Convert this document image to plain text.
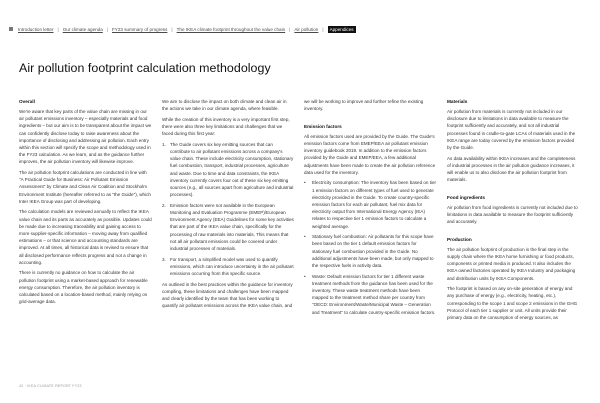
Introduction letter | Our climate agenda | FY23 summary of progress | The IKEA climate footprint throughout the value chain | Air pollution |	Appendices
Air pollution footprint calculation methodology
Overall

We're aware that key parts of the value chain are missing in our air pollutant emissions inventory – especially materials and food ingredients – but our aim is to be transparent about the impact we can confidently disclose today to raise awareness about the importance of disclosing and addressing air pollution. Each entry within this section will specify the scope and methodology used in the FY23 calculation. As we learn, and as the guidance further improves, the air pollution inventory will likewise improve.

The air pollution footprint calculations are conducted in line with "A Practical Guide for Business: Air Pollutant Emission Assessment" by Climate and Clean Air Coalition and Stockholm Environment Institute (hereafter referred to as "the Guide"), which Inter IKEA Group was part of developing.

The calculation models are reviewed annually to reflect the IKEA value chain and its parts as accurately as possible. Updates could be made due to increasing traceability and gaining access to more supplier-specific information – moving away from qualified estimations – or that science and accounting standards are improved. At all times, all historical data is revised to ensure that all disclosed performance reflects progress and not a change in accounting.

There is currently no guidance on how to calculate the air pollution footprint using a market-based approach for renewable energy consumption. Therefore, the air pollution inventory is calculated based on a location-based method, mainly relying on grid-average data.

We aim to disclose the impact on both climate and clean air in the actions we take in our climate agenda, where feasible.

While the creation of this inventory is a very important first step, there were also three key limitations and challenges that we faced during this first year:

1. The Guide covers six key emitting sources that can contribute to air pollutant emissions across a company's value chain. These include electricity consumption, stationary fuel combustion, transport, industrial processes, agriculture and waste. Due to time and data constraints, the IKEA inventory currently covers four out of these six key emitting sources (e.g., all sources apart from agriculture and industrial processes).
2. Emission factors were not available in the European Monitoring and Evaluation Programme (EMEP)/European Environment Agency (EEA) Guidelines for some key activities that are part of the IKEA value chain, specifically for the processing of raw materials into materials. This means that not all air pollutant emissions could be covered under industrial processes of materials.
3. For transport, a simplified model was used to quantify emissions, which can introduce uncertainty in the air pollutant emissions occurring from this specific source.

As outlined in the best practices within the guidance for inventory compiling, these limitations and challenges have been mapped and clearly identified by the team that has been working to quantify air pollutant emissions across the IKEA value chain, and

we will be working to improve and further refine the existing inventory.

Emission factors

All emission factors used are provided by the Guide. The Guide's emission factors come from EMEP/EEA air pollutant emission inventory guidebook 2019. In addition to the emission factors provided by the Guide and EMEP/EEA, a few additional adjustments have been made to create the air pollution reference data used for the inventory.

•	Electricity consumption: The inventory has been based on tier 1 emission factors on different types of fuel used to generate electricity provided in the Guide. To create country-specific emission factors for each air pollutant, fuel mix data for electricity output from International Energy Agency (IEA) relates to respective tier 1 emission factors to calculate a weighted average.
•	Stationary fuel combustion: Air pollutants for this scope have been based on the tier 1 default emission factors for stationary fuel combustion provided in the Guide. No additional adjustments have been made, but only mapped to the respective fuels in activity data.
•	Waste: Default emission factors for tier 1 different waste treatment methods from the guidance has been used for the inventory. These waste treatment methods have been mapped to the treatment method share per country from "OECD: Environment/Waste/Municipal Waste – Generation and Treatment" to calculate country-specific emission factors.
Materials

Air pollution from materials is currently not included in our disclosure due to limitations in data available to measure the footprint sufficiently and accurately, and not all industrial processes found in cradle-to-gate LCAs of materials used in the IKEA range are today covered by the emission factors provided by the Guide.

As data availability within IKEA increases and the completeness of industrial processes in the air pollution guidance increases, it will enable us to also disclose the air pollution footprint from materials.

Food ingredients

Air pollution from food ingredients is currently not included due to limitations in data available to measure the footprint sufficiently and accurately.

Production

The air pollution footprint of production is the final step in the supply chain where the IKEA home furnishing or food products, components or printed media is produced. It also includes the IKEA owned factories operated by IKEA Industry and packaging and distribution units by IKEA Components.

The footprint is based on any on-site generation of energy and any purchase of energy (e.g., electricity, heating, etc.), corresponding to the scope 1 and scope 2 emissions in the GHG Protocol of each tier 1 supplier or unit. All units provide their primary data on the consumption of energy sources, as

42 · IKEA CLIMATE REPORT FY23
